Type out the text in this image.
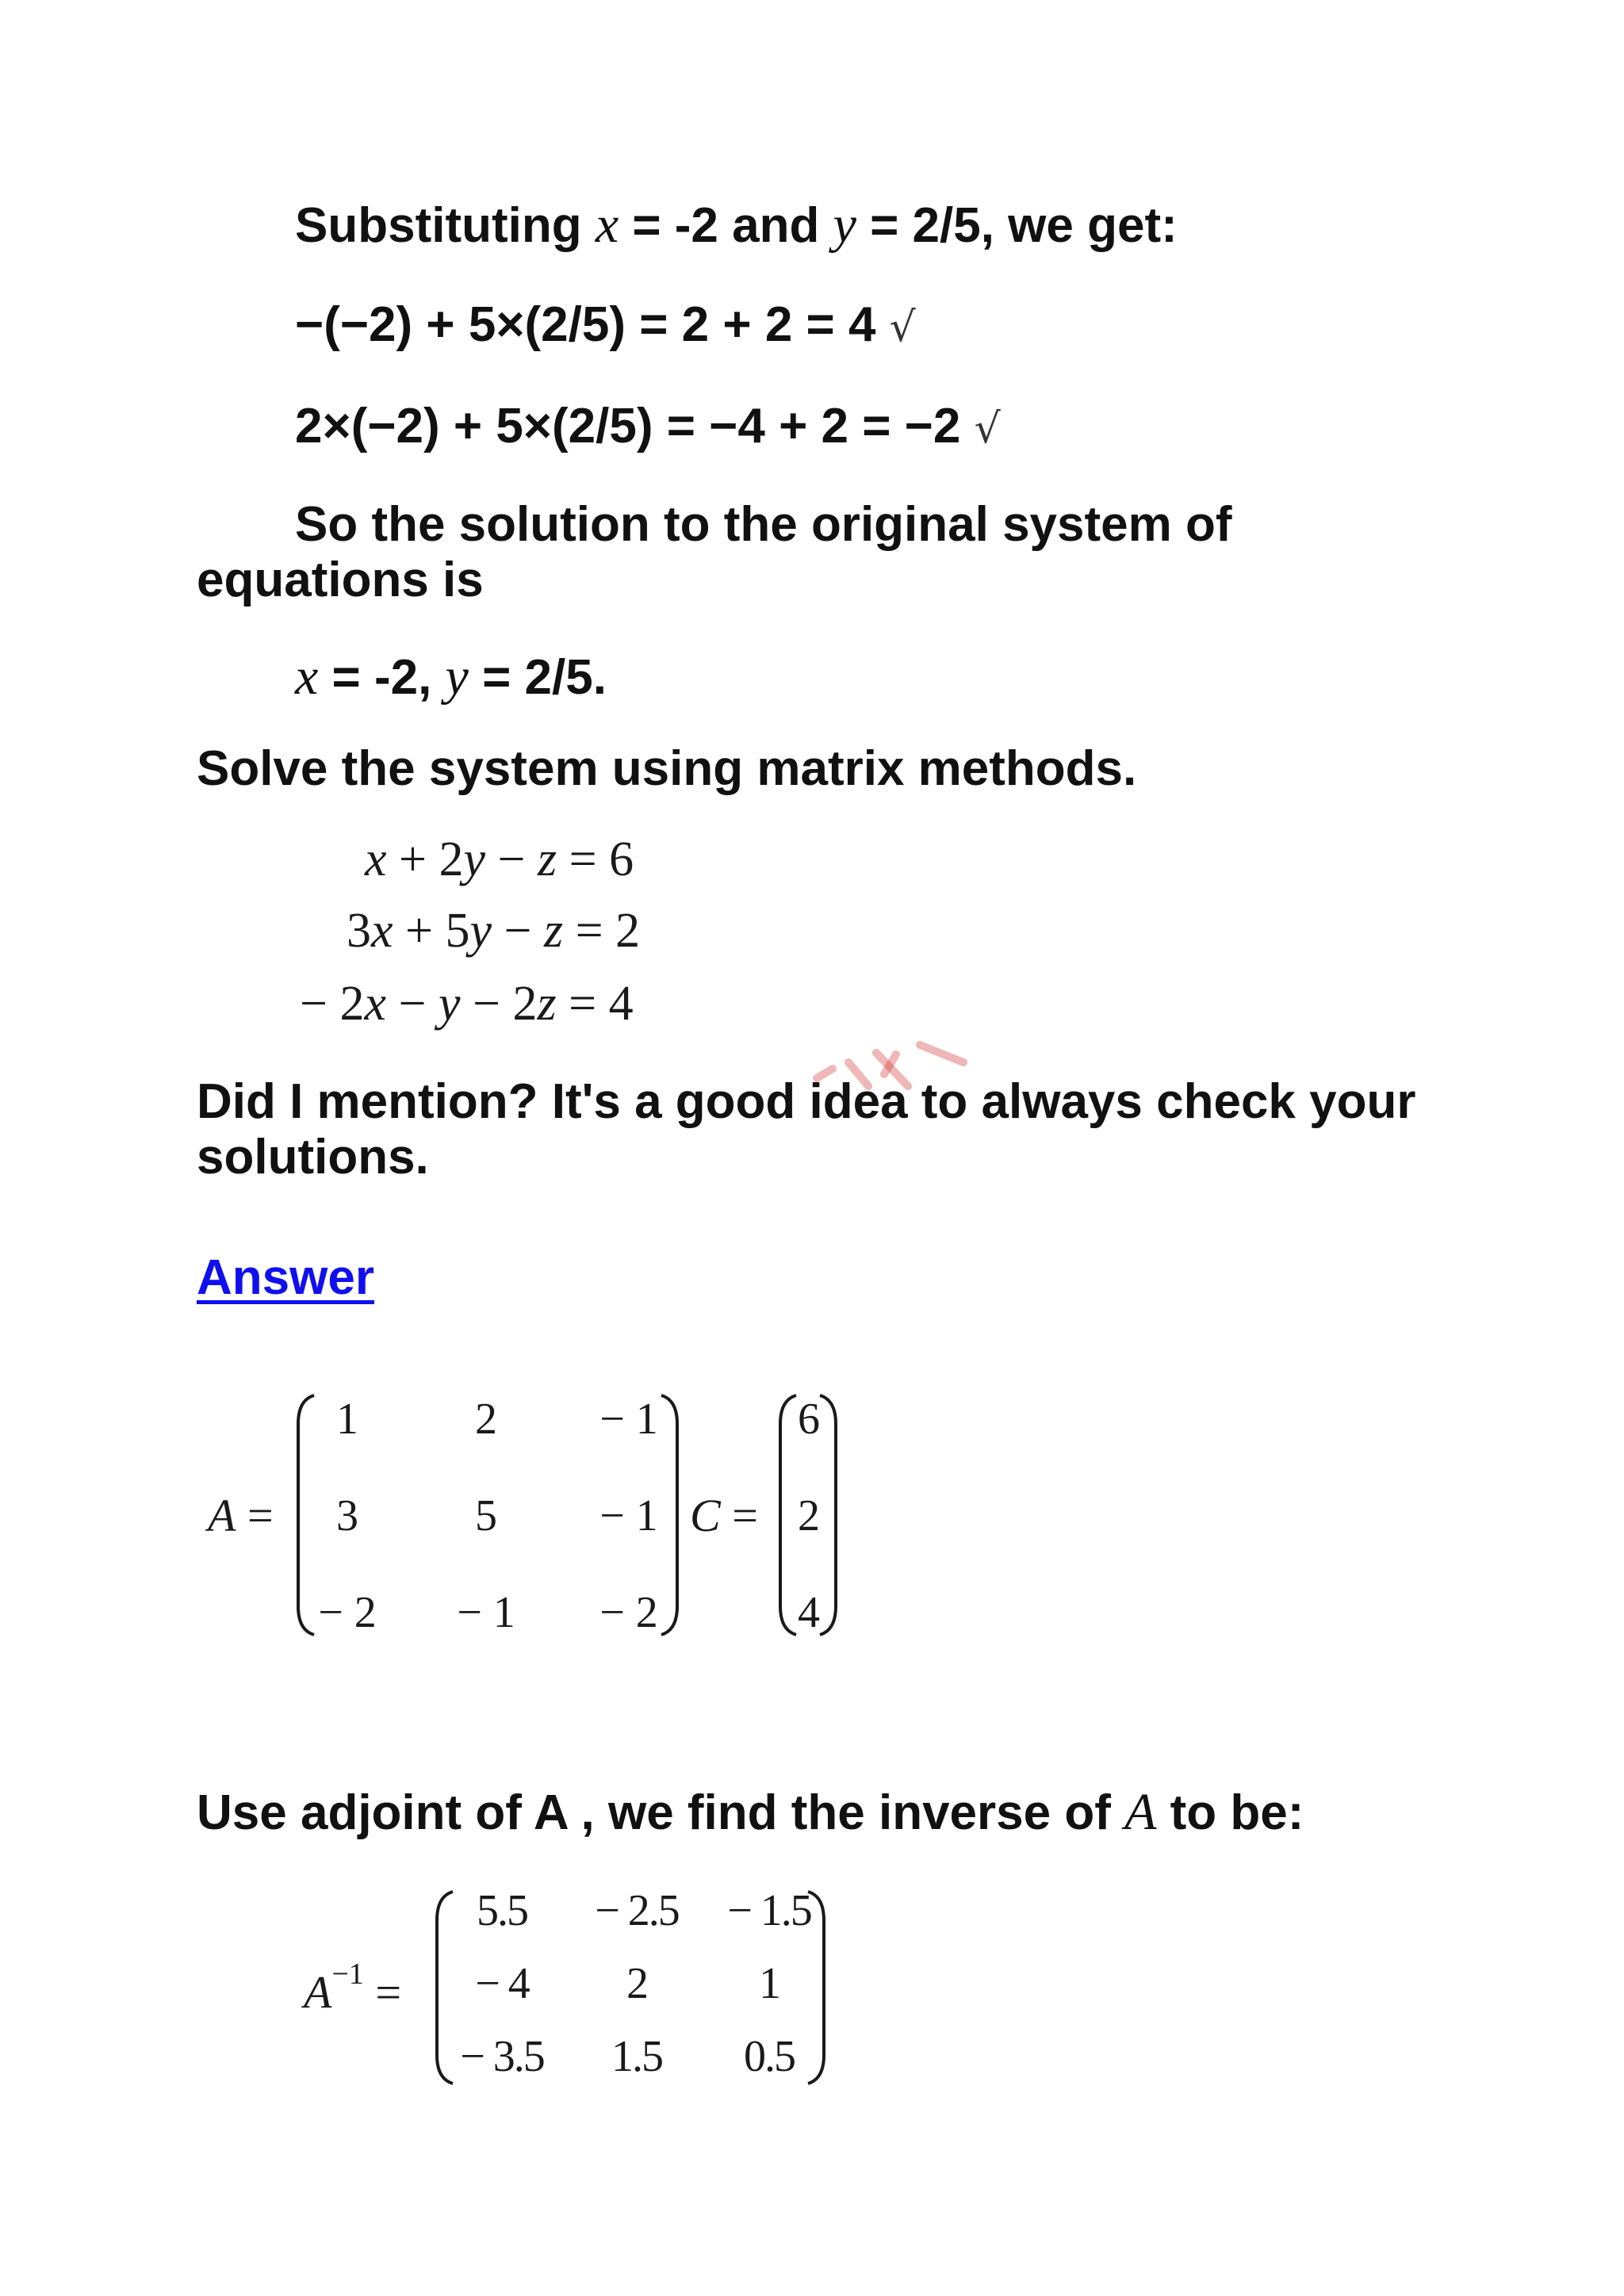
Substituting x = -2 and y = 2/5, we get:

−(−2) + 5×(2/5) = 2 + 2 = 4 √

2×(−2) + 5×(2/5) = −4 + 2 = −2 √

So the solution to the original system of

equations is

x = -2, y = 2/5.

Solve the system using matrix methods.

x + 2y − z = 6
3x + 5y − z = 2
− 2x − y − 2z = 4

Did I mention? It's a good idea to always check your

solutions.

Answer
A =
1	2	− 1
3	5	− 1
− 2	− 1	− 2
C =
6
2
4

Use adjoint of A , we find the inverse of A to be:

$A^{-1}$ =
5.5	− 2.5	− 1.5
− 4	2	1
− 3.5	1.5	0.5
